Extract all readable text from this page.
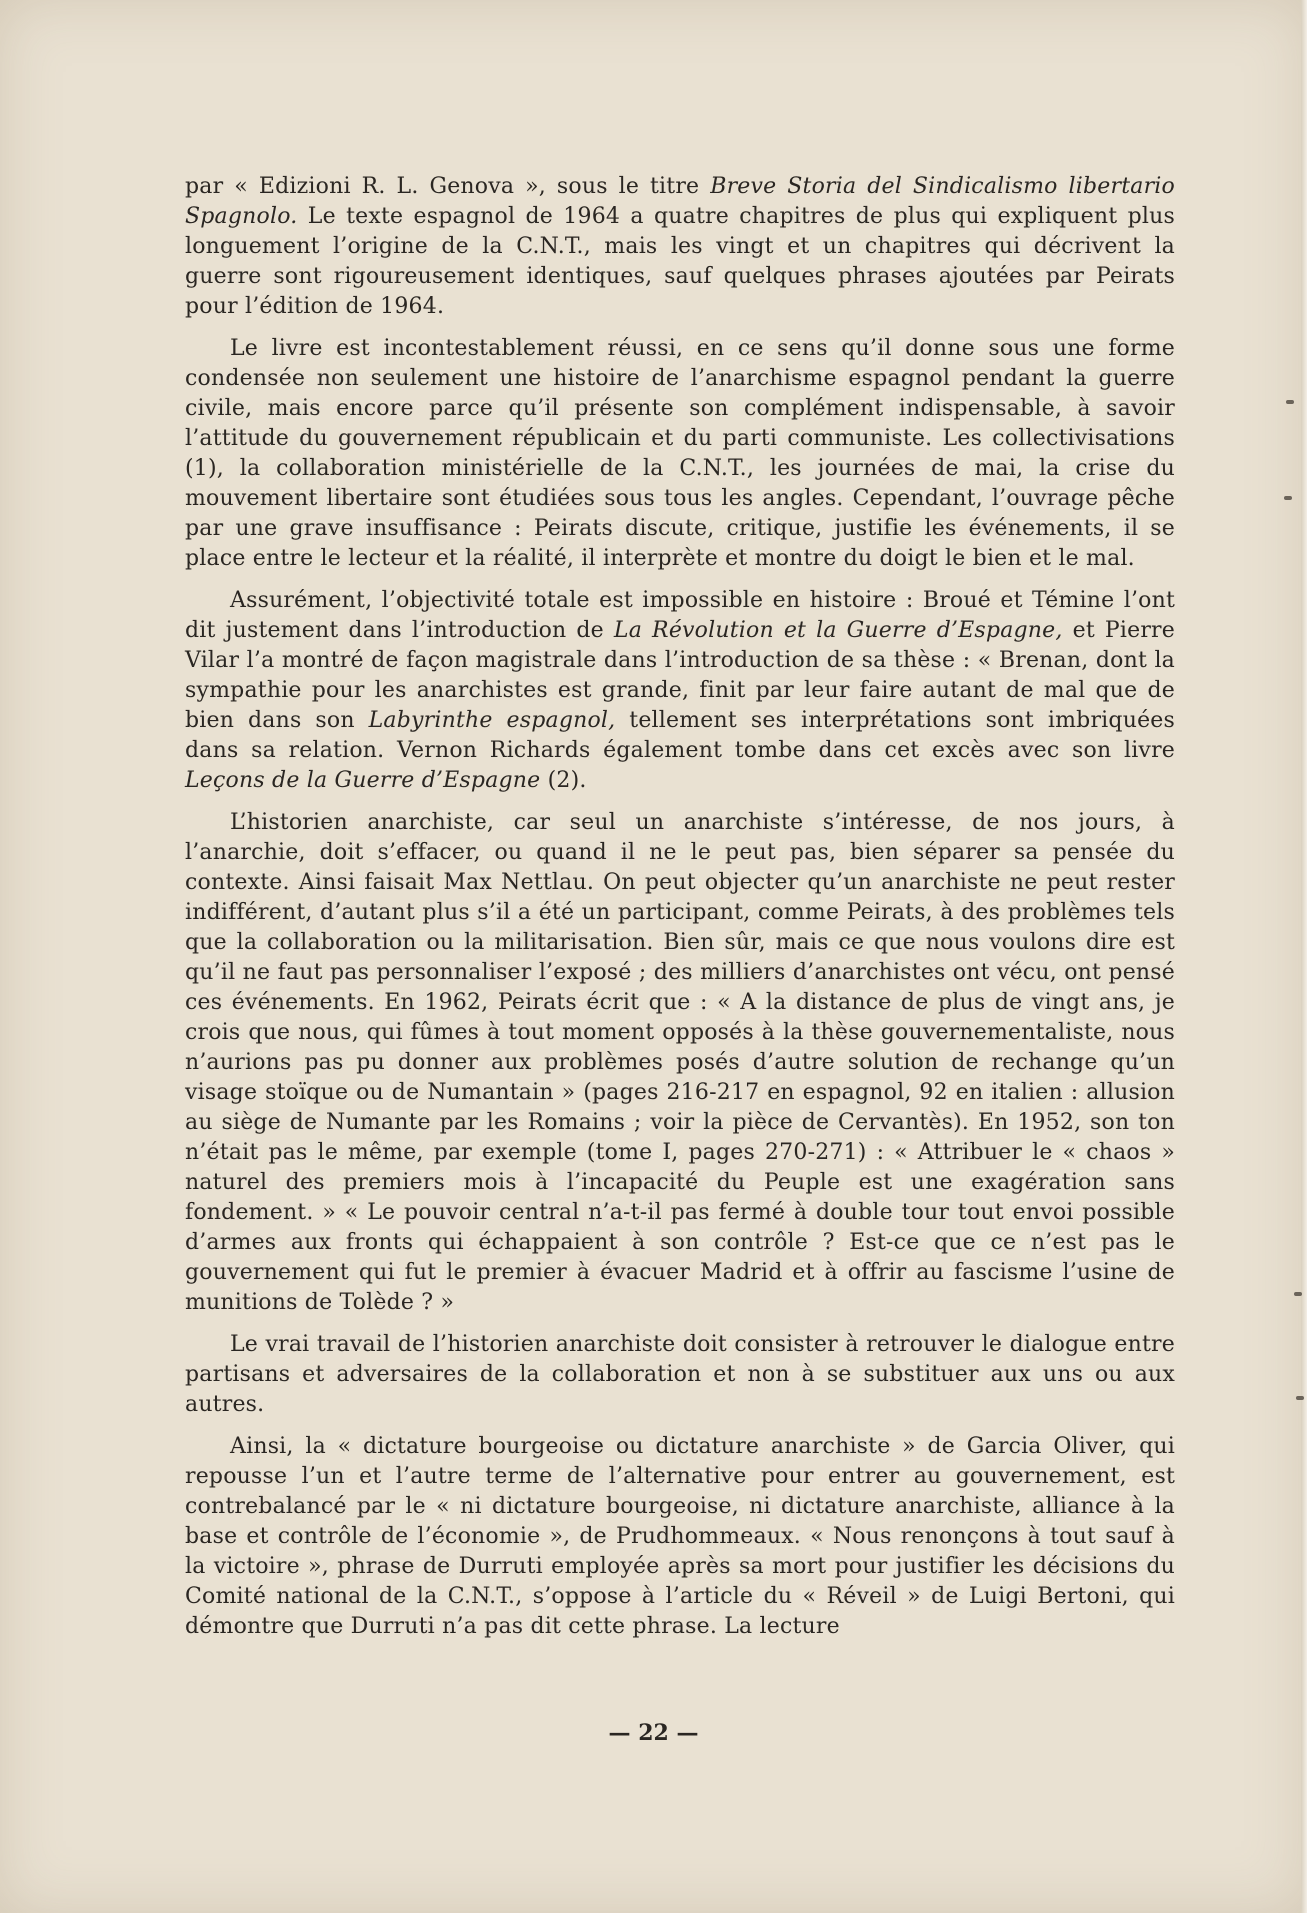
par « Edizioni R. L. Genova », sous le titre Breve Storia del Sindicalismo libertario Spagnolo. Le texte espagnol de 1964 a quatre chapitres de plus qui expliquent plus longuement l’origine de la C.N.T., mais les vingt et un chapitres qui décrivent la guerre sont rigoureusement identiques, sauf quelques phrases ajoutées par Peirats pour l’édition de 1964.

Le livre est incontestablement réussi, en ce sens qu’il donne sous une forme condensée non seulement une histoire de l’anarchisme espagnol pendant la guerre civile, mais encore parce qu’il présente son complément indispensable, à savoir l’attitude du gouvernement républicain et du parti communiste. Les collectivisations (1), la collaboration ministérielle de la C.N.T., les journées de mai, la crise du mouvement libertaire sont étudiées sous tous les angles. Cependant, l’ouvrage pêche par une grave insuffisance : Peirats discute, critique, justifie les événements, il se place entre le lecteur et la réalité, il interprète et montre du doigt le bien et le mal.

Assurément, l’objectivité totale est impossible en histoire : Broué et Témine l’ont dit justement dans l’introduction de La Révolution et la Guerre d’Espagne, et Pierre Vilar l’a montré de façon magistrale dans l’introduction de sa thèse : « Brenan, dont la sympathie pour les anarchistes est grande, finit par leur faire autant de mal que de bien dans son Labyrinthe espagnol, tellement ses interprétations sont imbriquées dans sa relation. Vernon Richards également tombe dans cet excès avec son livre Leçons de la Guerre d’Espagne (2).

L’historien anarchiste, car seul un anarchiste s’intéresse, de nos jours, à l’anarchie, doit s’effacer, ou quand il ne le peut pas, bien séparer sa pensée du contexte. Ainsi faisait Max Nettlau. On peut objecter qu’un anarchiste ne peut rester indifférent, d’autant plus s’il a été un participant, comme Peirats, à des problèmes tels que la collaboration ou la militarisation. Bien sûr, mais ce que nous voulons dire est qu’il ne faut pas personnaliser l’exposé ; des milliers d’anarchistes ont vécu, ont pensé ces événements. En 1962, Peirats écrit que : « A la distance de plus de vingt ans, je crois que nous, qui fûmes à tout moment opposés à la thèse gouvernementaliste, nous n’aurions pas pu donner aux problèmes posés d’autre solution de rechange qu’un visage stoïque ou de Numantain » (pages 216-217 en espagnol, 92 en italien : allusion au siège de Numante par les Romains ; voir la pièce de Cervantès). En 1952, son ton n’était pas le même, par exemple (tome I, pages 270-271) : « Attribuer le « chaos » naturel des premiers mois à l’incapacité du Peuple est une exagération sans fondement. » « Le pouvoir central n’a-t-il pas fermé à double tour tout envoi possible d’armes aux fronts qui échappaient à son contrôle ? Est-ce que ce n’est pas le gouvernement qui fut le premier à évacuer Madrid et à offrir au fascisme l’usine de munitions de Tolède ? »

Le vrai travail de l’historien anarchiste doit consister à retrouver le dialogue entre partisans et adversaires de la collaboration et non à se substituer aux uns ou aux autres.

Ainsi, la « dictature bourgeoise ou dictature anarchiste » de Garcia Oliver, qui repousse l’un et l’autre terme de l’alternative pour entrer au gouvernement, est contrebalancé par le « ni dictature bourgeoise, ni dictature anarchiste, alliance à la base et contrôle de l’économie », de Prudhommeaux. « Nous renonçons à tout sauf à la victoire », phrase de Durruti employée après sa mort pour justifier les décisions du Comité national de la C.N.T., s’oppose à l’article du « Réveil » de Luigi Bertoni, qui démontre que Durruti n’a pas dit cette phrase. La lecture

— 22 —
